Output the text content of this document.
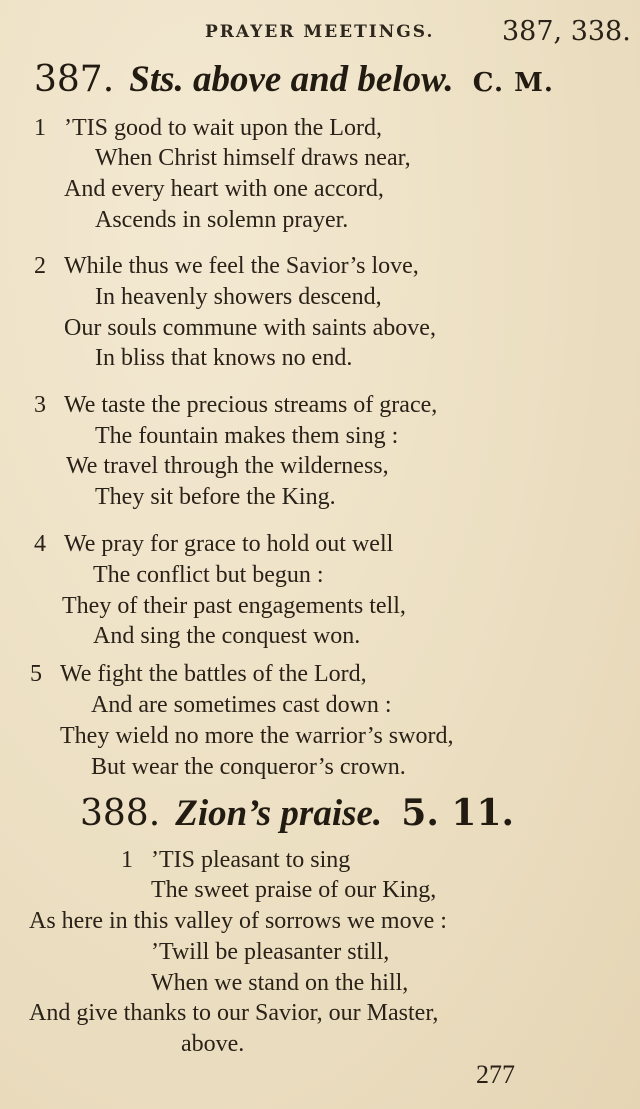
PRAYER MEETINGS.	387, 338.
387. Sts. above and below. C. M.
1 ’TIS good to wait upon the Lord,
When Christ himself draws near,
And every heart with one accord,
Ascends in solemn prayer.
2 While thus we feel the Savior’s love,
In heavenly showers descend,
Our souls commune with saints above,
In bliss that knows no end.
3 We taste the precious streams of grace,
The fountain makes them sing :
We travel through the wilderness,
They sit before the King.
4 We pray for grace to hold out well
The conflict but begun :
They of their past engagements tell,
And sing the conquest won.
5 We fight the battles of the Lord,
And are sometimes cast down :
They wield no more the warrior’s sword,
But wear the conqueror’s crown.
388. Zion’s praise. 5. 11.
1 ’TIS pleasant to sing
The sweet praise of our King,
As here in this valley of sorrows we move :
’Twill be pleasanter still,
When we stand on the hill,
And give thanks to our Savior, our Master,
above.
277
